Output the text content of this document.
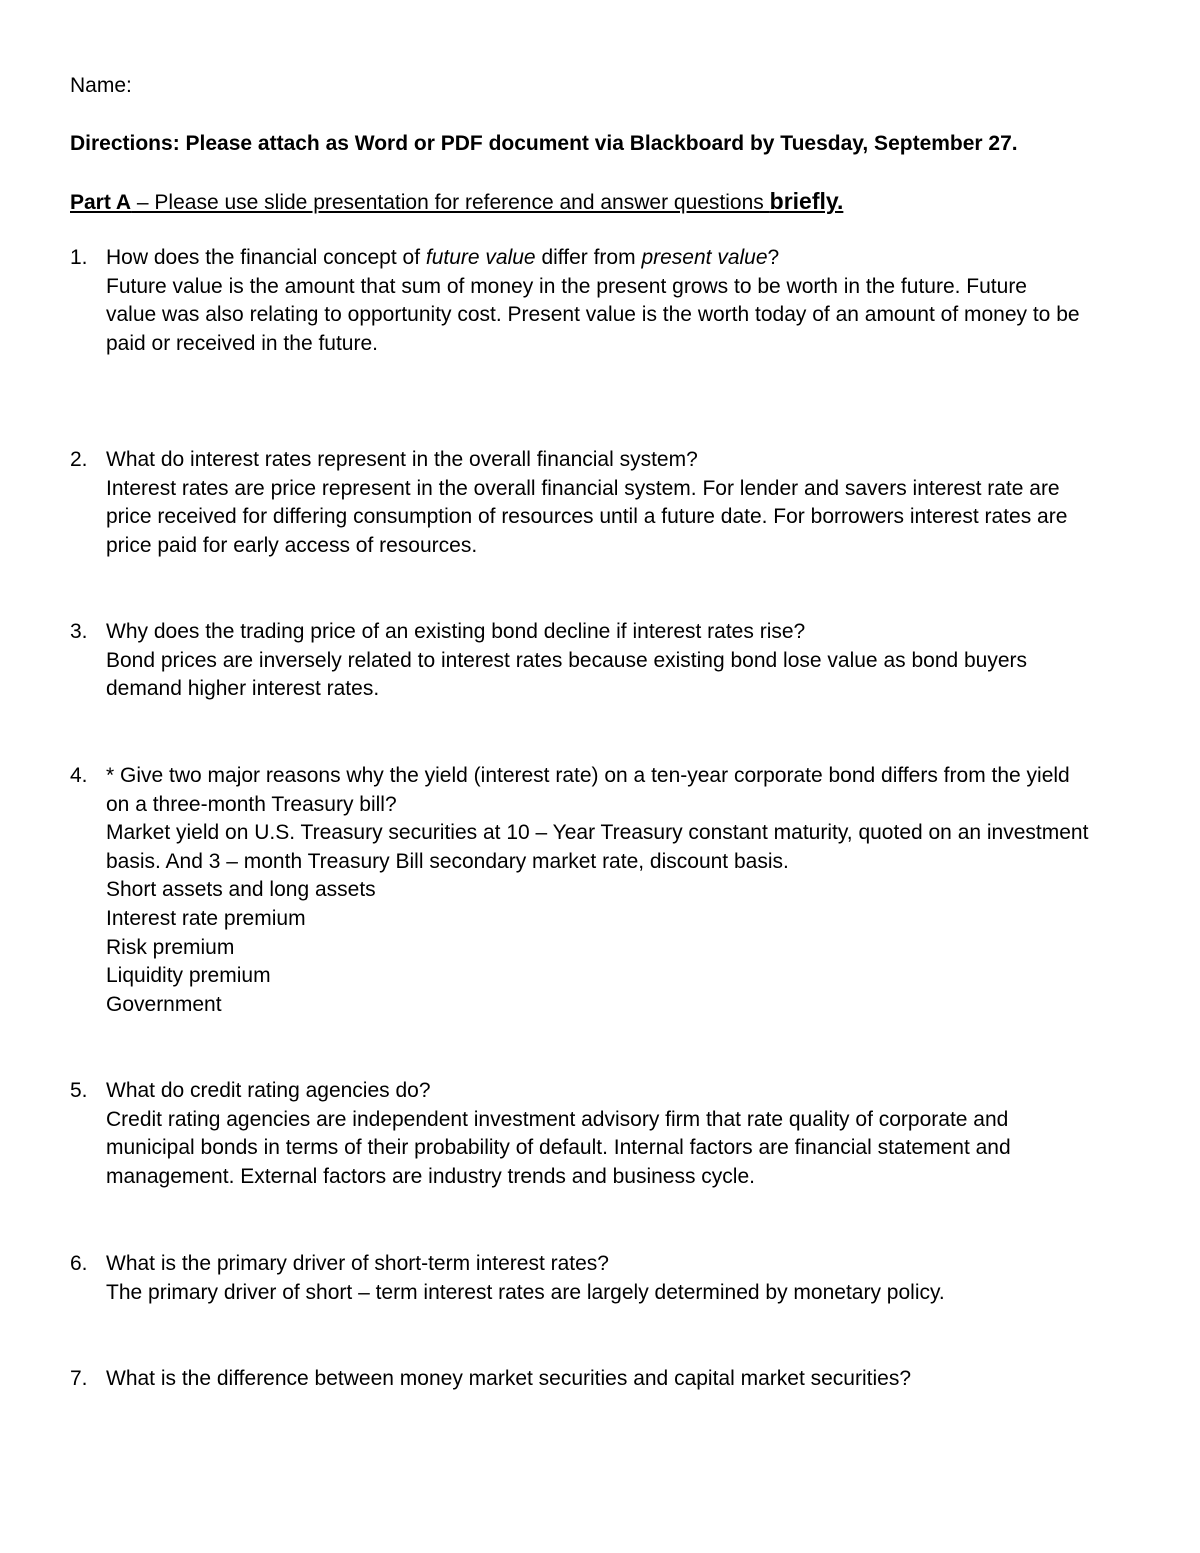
Name:
Directions: Please attach as Word or PDF document via Blackboard by Tuesday, September 27.
Part A – Please use slide presentation for reference and answer questions briefly.
1. How does the financial concept of future value differ from present value?
Future value is the amount that sum of money in the present grows to be worth in the future. Future
value was also relating to opportunity cost. Present value is the worth today of an amount of money to be
paid or received in the future.
2. What do interest rates represent in the overall financial system?
Interest rates are price represent in the overall financial system. For lender and savers interest rate are
price received for differing consumption of resources until a future date. For borrowers interest rates are
price paid for early access of resources.
3. Why does the trading price of an existing bond decline if interest rates rise?
Bond prices are inversely related to interest rates because existing bond lose value as bond buyers
demand higher interest rates.
4. * Give two major reasons why the yield (interest rate) on a ten-year corporate bond differs from the yield
on a three-month Treasury bill?
Market yield on U.S. Treasury securities at 10 – Year Treasury constant maturity, quoted on an investment
basis. And 3 – month Treasury Bill secondary market rate, discount basis.
Short assets and long assets
Interest rate premium
Risk premium
Liquidity premium
Government
5. What do credit rating agencies do?
Credit rating agencies are independent investment advisory firm that rate quality of corporate and
municipal bonds in terms of their probability of default. Internal factors are financial statement and
management. External factors are industry trends and business cycle.
6. What is the primary driver of short-term interest rates?
The primary driver of short – term interest rates are largely determined by monetary policy.
7. What is the difference between money market securities and capital market securities?
